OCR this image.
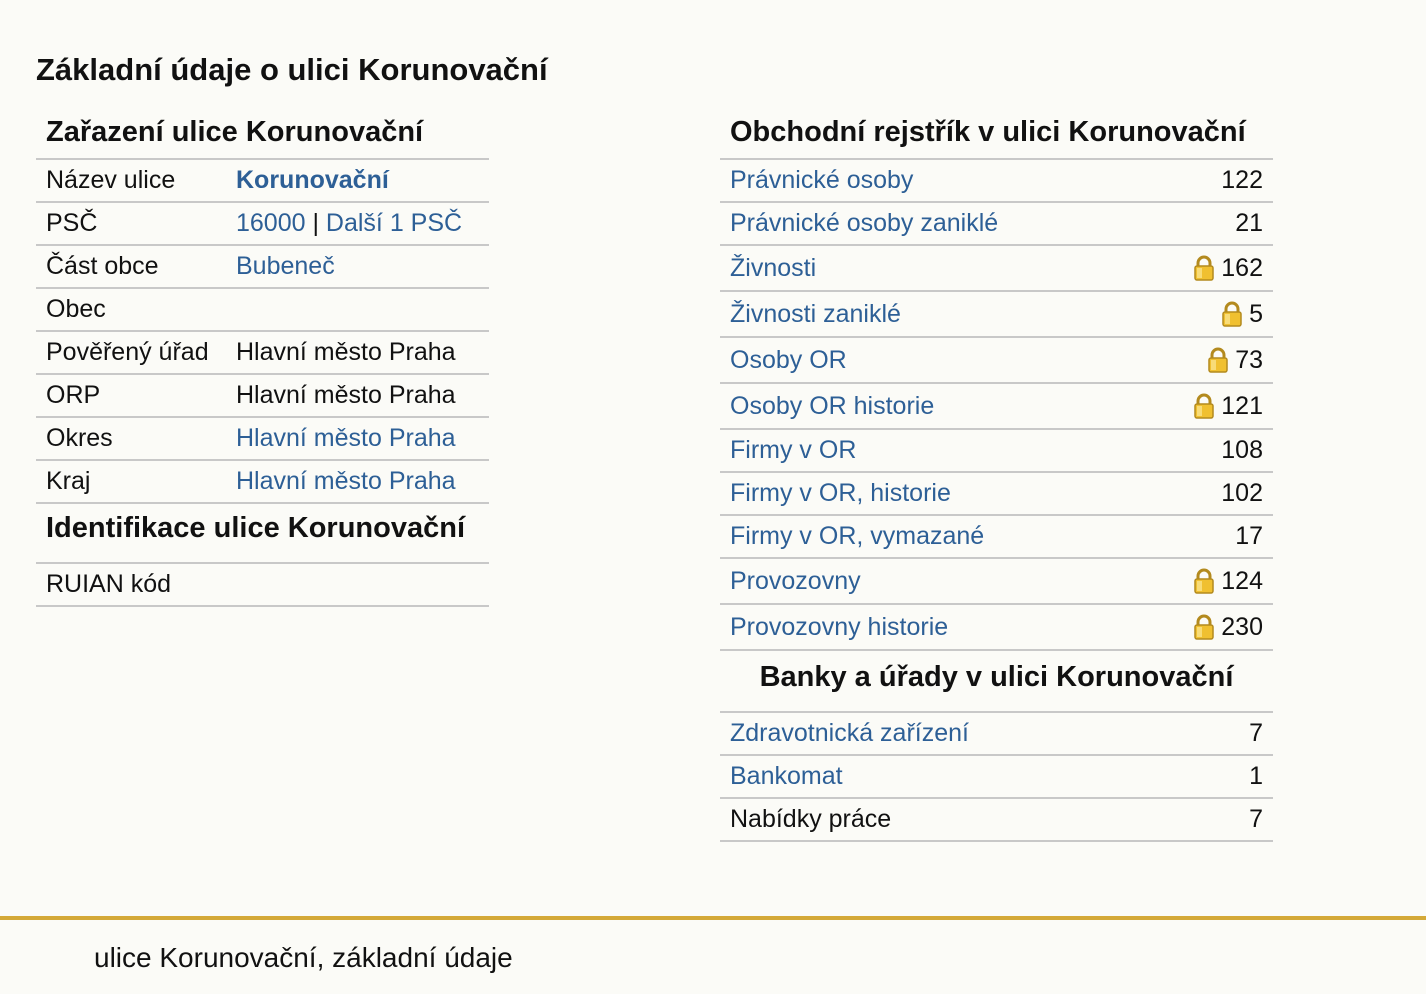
Základní údaje o ulici Korunovační
Zařazení ulice Korunovační
Název ulice	Korunovační
PSČ	16000 | Další 1 PSČ
Část obce	Bubeneč
Obec
Pověřený úřad	Hlavní město Praha
ORP	Hlavní město Praha
Okres	Hlavní město Praha
Kraj	Hlavní město Praha
Identifikace ulice Korunovační
RUIAN kód
Obchodní rejstřík v ulici Korunovační
Právnické osoby	122
Právnické osoby zaniklé	21
Živnosti	162
Živnosti zaniklé	5
Osoby OR	73
Osoby OR historie	121
Firmy v OR	108
Firmy v OR, historie	102
Firmy v OR, vymazané	17
Provozovny	124
Provozovny historie	230
Banky a úřady v ulici Korunovační
Zdravotnická zařízení	7
Bankomat	1
Nabídky práce	7
ulice Korunovační, základní údaje
